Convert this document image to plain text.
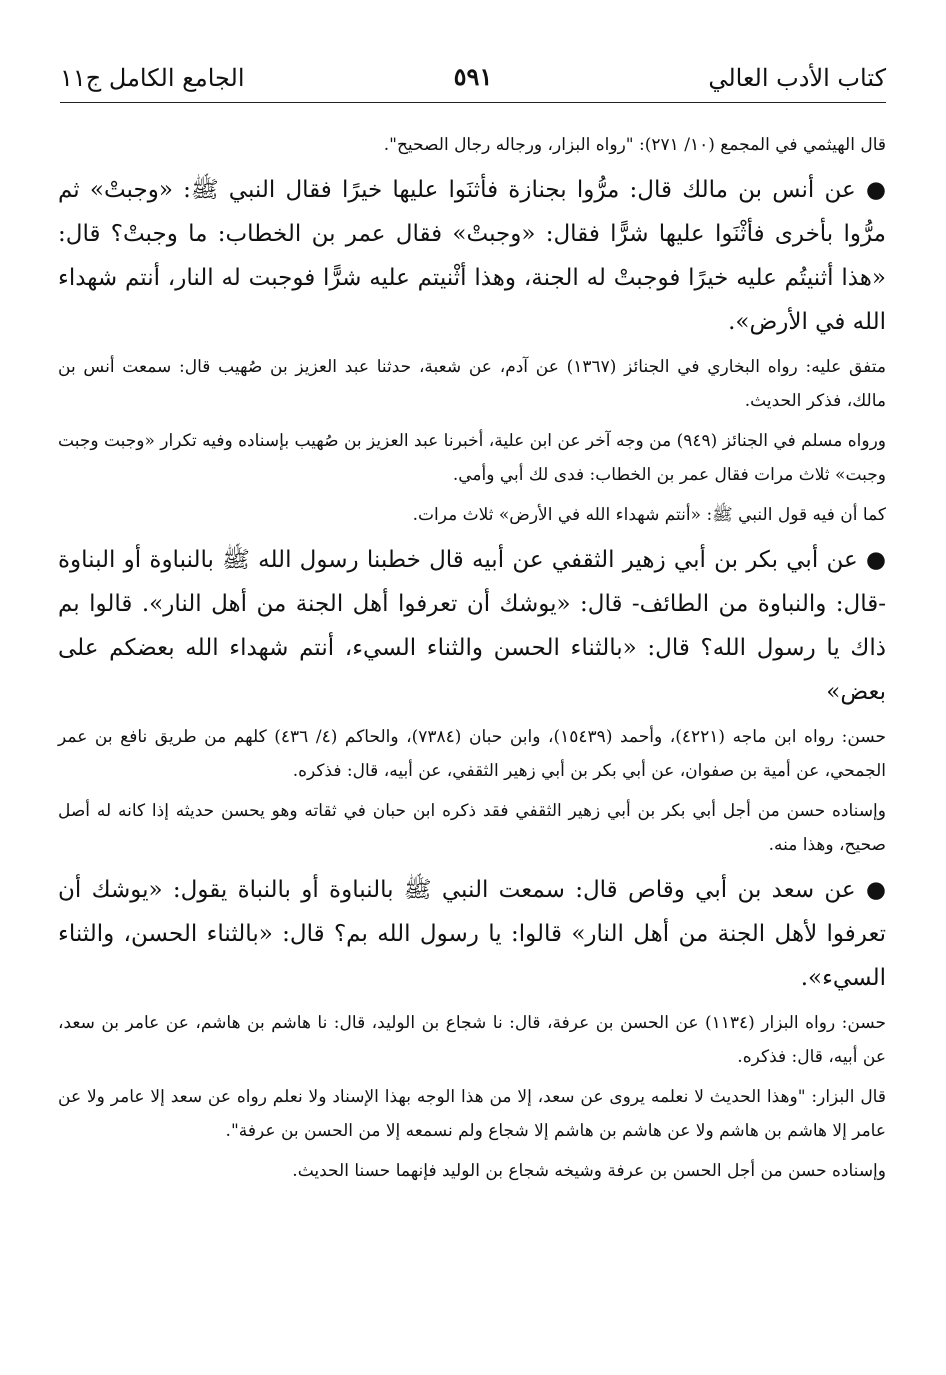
كتاب الأدب العالي
٥٩١
الجامع الكامل ج١١

قال الهيثمي في المجمع (١٠/ ٢٧١): "رواه البزار، ورجاله رجال الصحيح".

● عن أنس بن مالك قال: مرُّوا بجنازة فأثنَوا عليها خيرًا فقال النبي ﷺ: «وجبتْ» ثم مرُّوا بأخرى فأثْنَوا عليها شرًّا فقال: «وجبتْ» فقال عمر بن الخطاب: ما وجبتْ؟ قال: «هذا أثنيتُم عليه خيرًا فوجبتْ له الجنة، وهذا أثْنيتم عليه شرًّا فوجبت له النار، أنتم شهداء الله في الأرض».

متفق عليه: رواه البخاري في الجنائز (١٣٦٧) عن آدم، عن شعبة، حدثنا عبد العزيز بن صُهيب قال: سمعت أنس بن مالك، فذكر الحديث.

ورواه مسلم في الجنائز (٩٤٩) من وجه آخر عن ابن علية، أخبرنا عبد العزيز بن صُهيب بإسناده وفيه تكرار «وجبت وجبت وجبت» ثلاث مرات فقال عمر بن الخطاب: فدى لك أبي وأمي.

كما أن فيه قول النبي ﷺ: «أنتم شهداء الله في الأرض» ثلاث مرات.

● عن أبي بكر بن أبي زهير الثقفي عن أبيه قال خطبنا رسول الله ﷺ بالنباوة أو البناوة -قال: والنباوة من الطائف- قال: «يوشك أن تعرفوا أهل الجنة من أهل النار». قالوا بم ذاك يا رسول الله؟ قال: «بالثناء الحسن والثناء السيء، أنتم شهداء الله بعضكم على بعض»

حسن: رواه ابن ماجه (٤٢٢١)، وأحمد (١٥٤٣٩)، وابن حبان (٧٣٨٤)، والحاكم (٤/ ٤٣٦) كلهم من طريق نافع بن عمر الجمحي، عن أمية بن صفوان، عن أبي بكر بن أبي زهير الثقفي، عن أبيه، قال: فذكره.

وإسناده حسن من أجل أبي بكر بن أبي زهير الثقفي فقد ذكره ابن حبان في ثقاته وهو يحسن حديثه إذا كانه له أصل صحيح، وهذا منه.

● عن سعد بن أبي وقاص قال: سمعت النبي ﷺ بالنباوة أو بالنباة يقول: «يوشك أن تعرفوا لأهل الجنة من أهل النار» قالوا: يا رسول الله بم؟ قال: «بالثناء الحسن، والثناء السيء».

حسن: رواه البزار (١١٣٤) عن الحسن بن عرفة، قال: نا شجاع بن الوليد، قال: نا هاشم بن هاشم، عن عامر بن سعد، عن أبيه، قال: فذكره.

قال البزار: "وهذا الحديث لا نعلمه يروى عن سعد، إلا من هذا الوجه بهذا الإسناد ولا نعلم رواه عن سعد إلا عامر ولا عن عامر إلا هاشم بن هاشم ولا عن هاشم بن هاشم إلا شجاع ولم نسمعه إلا من الحسن بن عرفة".

وإسناده حسن من أجل الحسن بن عرفة وشيخه شجاع بن الوليد فإنهما حسنا الحديث.
